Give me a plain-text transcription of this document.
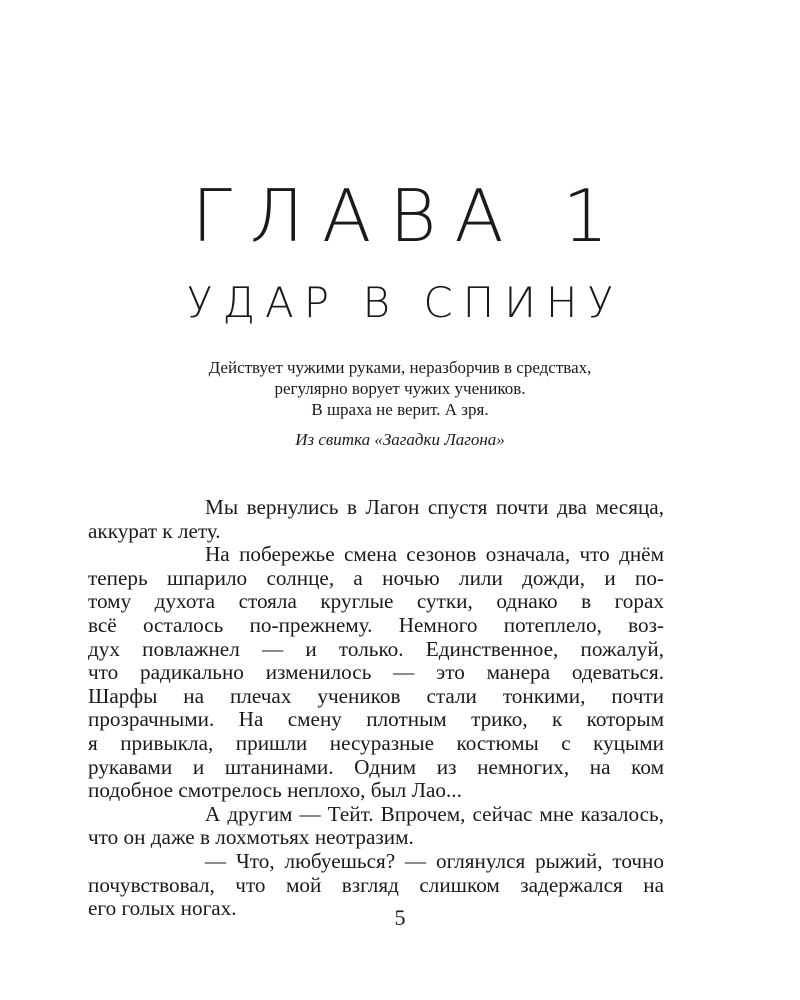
ГЛАВА 1
УДАР В СПИНУ

Действует чужими руками, неразборчив в средствах,

регулярно ворует чужих учеников.

В шраха не верит. А зря.

Из свитка «Загадки Лагона»

Мы вернулись в Лагон спустя почти два месяца,
аккурат к лету.
На побережье смена сезонов означала, что днём
теперь шпарило солнце, а ночью лили дожди, и по-
тому духота стояла круглые сутки, однако в горах
всё осталось по-прежнему. Немного потеплело, воз-
дух повлажнел — и только. Единственное, пожалуй,
что радикально изменилось — это манера одеваться.
Шарфы на плечах учеников стали тонкими, почти
прозрачными. На смену плотным трико, к которым
я привыкла, пришли несуразные костюмы с куцыми
рукавами и штанинами. Одним из немногих, на ком
подобное смотрелось неплохо, был Лао...
А другим — Тейт. Впрочем, сейчас мне казалось,
что он даже в лохмотьях неотразим.
— Что, любуешься? — оглянулся рыжий, точно
почувствовал, что мой взгляд слишком задержался на
его голых ногах.	5
